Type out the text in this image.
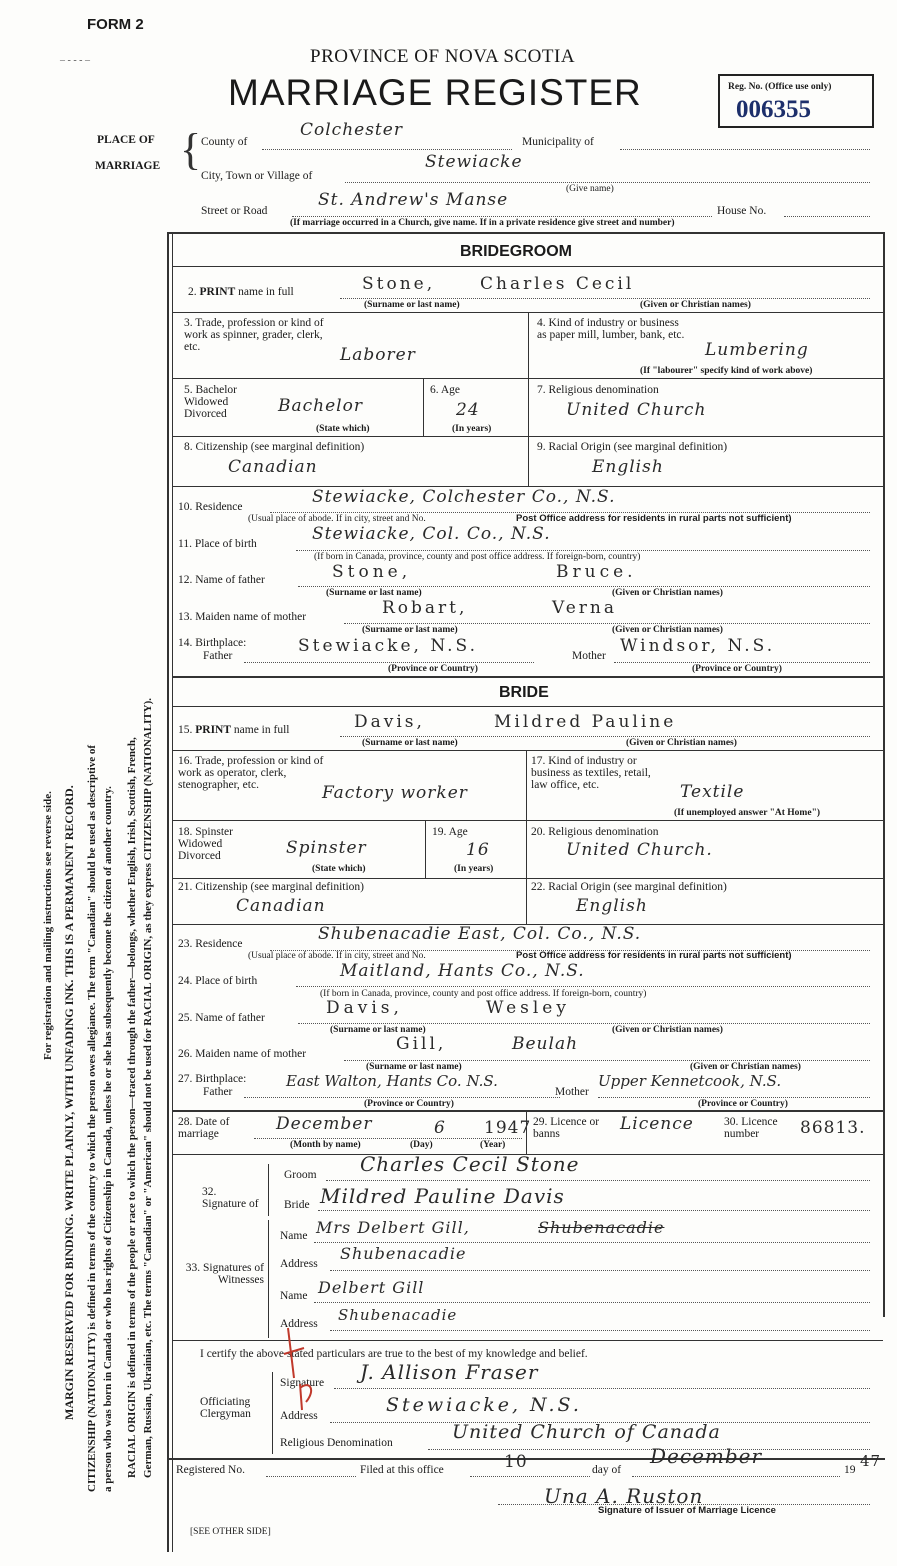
FORM 2
– - - - –	PROVINCE OF NOVA SCOTIA
MARRIAGE REGISTER	Reg. No. (Office use only)
006355
PLACE OF
MARRIAGE { County of
Colchester
Municipality of
City, Town or Village of
Stewiacke
(Give name)
Street or Road
St. Andrew's Manse
House No.
(If marriage occurred in a Church, give name. If in a private residence give street and number)
For registration and mailing instructions see reverse side. MARGIN RESERVED FOR BINDING. WRITE PLAINLY, WITH UNFADING INK. THIS IS A PERMANENT RECORD. CITIZENSHIP (NATIONALITY) is defined in terms of the country to which the person owes allegiance. The term "Canadian" should be used as descriptive of a person who was born in Canada or who has rights of Citizenship in Canada, unless he or she has subsequently become the citizen of another country. RACIAL ORIGIN is defined in terms of the people or race to which the person—traced through the father—belongs, whether English, Irish, Scottish, French, German, Russian, Ukrainian, etc. The terms "Canadian" or "American" should not be used for RACIAL ORIGIN, as they express CITIZENSHIP (NATIONALITY).
BRIDEGROOM
2. PRINT name in full	Stone,	Charles Cecil
(Surname or last name)	(Given or Christian names)
3. Trade, profession or kind of work as spinner, grader, clerk, etc.	Laborer
4. Kind of industry or business as paper mill, lumber, bank, etc.
Lumbering
(If "labourer" specify kind of work above)
5. Bachelor Widowed Divorced	Bachelor
(State which)
6. Age
24
(In years)
7. Religious denomination
United Church
8. Citizenship (see marginal definition)
Canadian
9. Racial Origin (see marginal definition)
English
10. Residence	Stewiacke, Colchester Co., N.S.
(Usual place of abode. If in city, street and No.	Post Office address for residents in rural parts not sufficient)
11. Place of birth	Stewiacke, Col. Co., N.S.
(If born in Canada, province, county and post office address. If foreign-born, country)
12. Name of father	Stone,	Bruce.
(Surname or last name)	(Given or Christian names)
13. Maiden name of mother	Robart,	Verna
(Surname or last name)	(Given or Christian names)
14. Birthplace:
Father	Stewiacke, N.S.	Mother Windsor, N.S.
(Province or Country)	(Province or Country)
BRIDE
15. PRINT name in full	Davis,	Mildred Pauline
(Surname or last name)	(Given or Christian names)
16. Trade, profession or kind of work as operator, clerk, stenographer, etc.	Factory worker
17. Kind of industry or business as textiles, retail, law office, etc.	Textile
(If unemployed answer "At Home")
18. Spinster Widowed Divorced	Spinster
(State which)
19. Age
16
(In years)
20. Religious denomination
United Church.
21. Citizenship (see marginal definition)
Canadian
22. Racial Origin (see marginal definition)
English
23. Residence	Shubenacadie East, Col. Co., N.S.
(Usual place of abode. If in city, street and No.	Post Office address for residents in rural parts not sufficient)
24. Place of birth	Maitland, Hants Co., N.S.
(If born in Canada, province, county and post office address. If foreign-born, country)
25. Name of father	Davis,	Wesley
(Surname or last name)	(Given or Christian names)
26. Maiden name of mother	Gill,	Beulah
(Surname or last name)	(Given or Christian names)
27. Birthplace:
Father
East Walton, Hants Co. N.S.
Mother
Upper Kennetcook, N.S.
(Province or Country)	(Province or Country)
28. Date of marriage	December	6 1947
(Month by name)	(Day)	(Year)
29. Licence or banns	Licence	30. Licence number	86813.
32. Signature of
Groom Charles Cecil Stone
Bride Mildred Pauline Davis
33. Signatures of Witnesses
Name Mrs Delbert Gill,	Shubenacadie
Address
Shubenacadie
Name Delbert Gill
Address Shubenacadie
I certify the above stated particulars are true to the best of my knowledge and belief.
Officiating Clergyman
Signature J. Allison Fraser
Address	Stewiacke, N.S.
Religious Denomination	United Church of Canada
Registered No.	Filed at this office	10	day of
December
19 47
Una A. Ruston
Signature of Issuer of Marriage Licence
[SEE OTHER SIDE]
